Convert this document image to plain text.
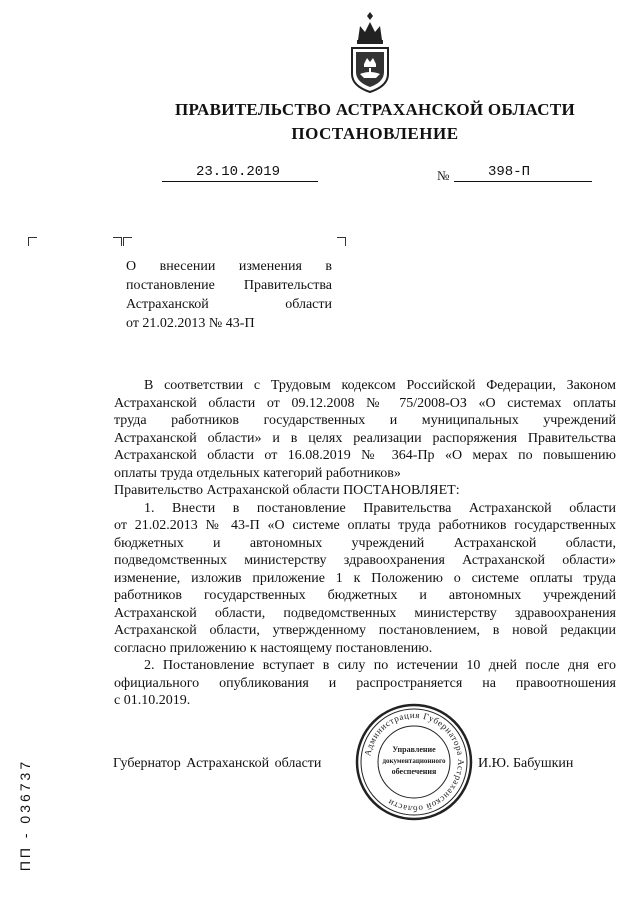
ПРАВИТЕЛЬСТВО АСТРАХАНСКОЙ ОБЛАСТИ
ПОСТАНОВЛЕНИЕ
23.10.2019	№	398-П
О внесении изменения в
постановление Правительства
Астраханской области
от 21.02.2013 № 43-П
В соответствии с Трудовым кодексом Российской Федерации, Законом
Астраханской области от 09.12.2008 № 75/2008-ОЗ «О системах оплаты
труда работников государственных и муниципальных учреждений
Астраханской области» и в целях реализации распоряжения Правительства
Астраханской области от 16.08.2019 № 364-Пр «О мерах по повышению
оплаты труда отдельных категорий работников»
Правительство Астраханской области ПОСТАНОВЛЯЕТ:
1. Внести в постановление Правительства Астраханской области
от 21.02.2013 № 43-П «О системе оплаты труда работников государственных
бюджетных и автономных учреждений Астраханской области,
подведомственных министерству здравоохранения Астраханской области»
изменение, изложив приложение 1 к Положению о системе оплаты труда
работников государственных бюджетных и автономных учреждений
Астраханской области, подведомственных министерству здравоохранения
Астраханской области, утвержденному постановлением, в новой редакции
согласно приложению к настоящему постановлению.
2. Постановление вступает в силу по истечении 10 дней после дня его
официального опубликования и распространяется на правоотношения
с 01.10.2019.
Губернатор Астраханской области	И.Ю. Бабушкин
Администрация Губернатора Астраханской области
Управление
документационного
обеспечения
ПП - 036737
